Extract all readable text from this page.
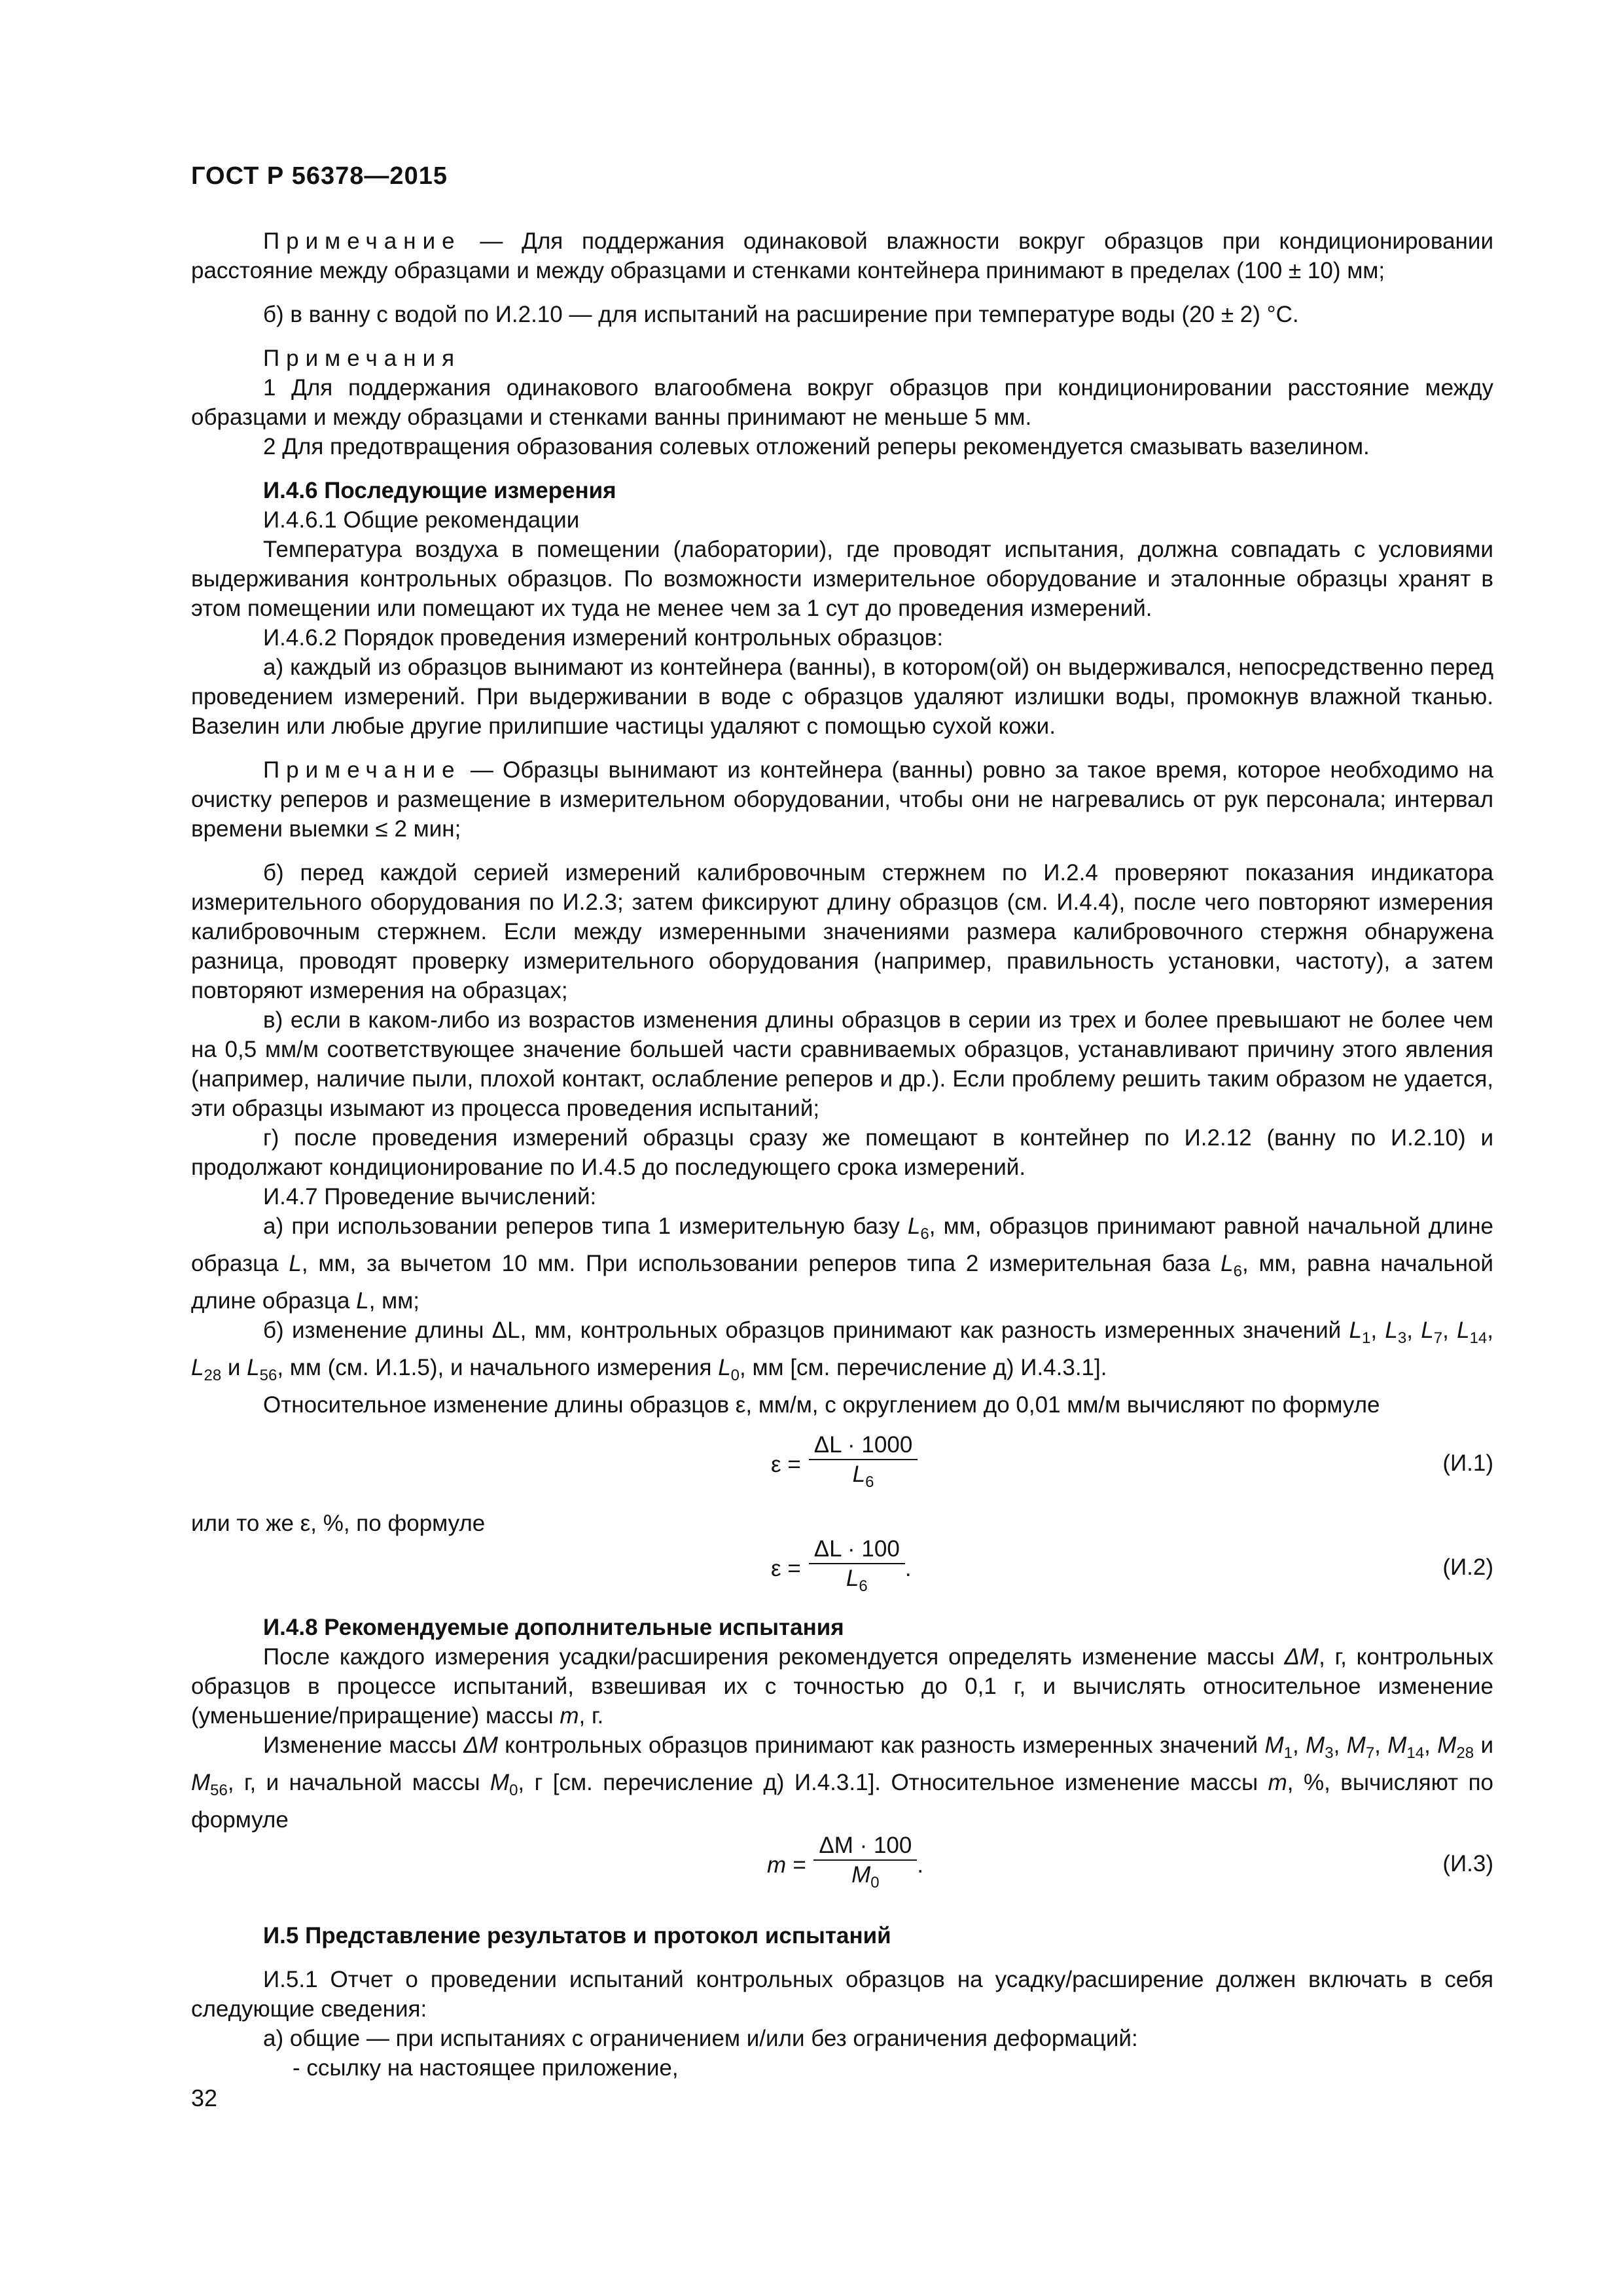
ГОСТ Р 56378—2015

Примечание — Для поддержания одинаковой влажности вокруг образцов при кондиционировании расстояние между образцами и между образцами и стенками контейнера принимают в пределах (100 ± 10) мм;

б) в ванну с водой по И.2.10 — для испытаний на расширение при температуре воды (20 ± 2) °С.

Примечания

1 Для поддержания одинакового влагообмена вокруг образцов при кондиционировании расстояние между образцами и между образцами и стенками ванны принимают не меньше 5 мм.

2 Для предотвращения образования солевых отложений реперы рекомендуется смазывать вазелином.

И.4.6 Последующие измерения

И.4.6.1 Общие рекомендации

Температура воздуха в помещении (лаборатории), где проводят испытания, должна совпадать с условиями выдерживания контрольных образцов. По возможности измерительное оборудование и эталонные образцы хранят в этом помещении или помещают их туда не менее чем за 1 сут до проведения измерений.

И.4.6.2 Порядок проведения измерений контрольных образцов:

а) каждый из образцов вынимают из контейнера (ванны), в котором(ой) он выдерживался, непосредственно перед проведением измерений. При выдерживании в воде с образцов удаляют излишки воды, промокнув влажной тканью. Вазелин или любые другие прилипшие частицы удаляют с помощью сухой кожи.

Примечание — Образцы вынимают из контейнера (ванны) ровно за такое время, которое необходимо на очистку реперов и размещение в измерительном оборудовании, чтобы они не нагревались от рук персонала; интервал времени выемки ≤ 2 мин;

б) перед каждой серией измерений калибровочным стержнем по И.2.4 проверяют показания индикатора измерительного оборудования по И.2.3; затем фиксируют длину образцов (см. И.4.4), после чего повторяют измерения калибровочным стержнем. Если между измеренными значениями размера калибровочного стержня обнаружена разница, проводят проверку измерительного оборудования (например, правильность установки, частоту), а затем повторяют измерения на образцах;

в) если в каком-либо из возрастов изменения длины образцов в серии из трех и более превышают не более чем на 0,5 мм/м соответствующее значение большей части сравниваемых образцов, устанавливают причину этого явления (например, наличие пыли, плохой контакт, ослабление реперов и др.). Если проблему решить таким образом не удается, эти образцы изымают из процесса проведения испытаний;

г) после проведения измерений образцы сразу же помещают в контейнер по И.2.12 (ванну по И.2.10) и продолжают кондиционирование по И.4.5 до последующего срока измерений.

И.4.7 Проведение вычислений:

а) при использовании реперов типа 1 измерительную базу $L_6$, мм, образцов принимают равной начальной длине образца L, мм, за вычетом 10 мм. При использовании реперов типа 2 измерительная база $L_6$, мм, равна начальной длине образца L, мм;

б) изменение длины ΔL, мм, контрольных образцов принимают как разность измеренных значений $L_1$, $L_3$, $L_7$, $L_{14}$, $L_{28}$ и $L_{56}$, мм (см. И.1.5), и начального измерения $L_0$, мм [см. перечисление д) И.4.3.1].

Относительное изменение длины образцов ε, мм/м, с округлением до 0,01 мм/м вычисляют по формуле

$\varepsilon = \frac{\Delta L \cdot 1000}{L_6}$	(И.1)

или то же ε, %, по формуле

$\varepsilon = \frac{\Delta L \cdot 100}{L_6}$ .	(И.2)

И.4.8 Рекомендуемые дополнительные испытания

После каждого измерения усадки/расширения рекомендуется определять изменение массы ΔM, г, контрольных образцов в процессе испытаний, взвешивая их с точностью до 0,1 г, и вычислять относительное изменение (уменьшение/приращение) массы m, г.

Изменение массы ΔM контрольных образцов принимают как разность измеренных значений $M_1$, $M_3$, $M_7$, $M_{14}$, $M_{28}$ и $M_{56}$, г, и начальной массы $M_0$, г [см. перечисление д) И.4.3.1]. Относительное изменение массы m, %, вычисляют по формуле

$m = \frac{\Delta M \cdot 100}{M_0}$ .	(И.3)

И.5 Представление результатов и протокол испытаний

И.5.1 Отчет о проведении испытаний контрольных образцов на усадку/расширение должен включать в себя следующие сведения:

а) общие — при испытаниях с ограничением и/или без ограничения деформаций:

- ссылку на настоящее приложение,

32
